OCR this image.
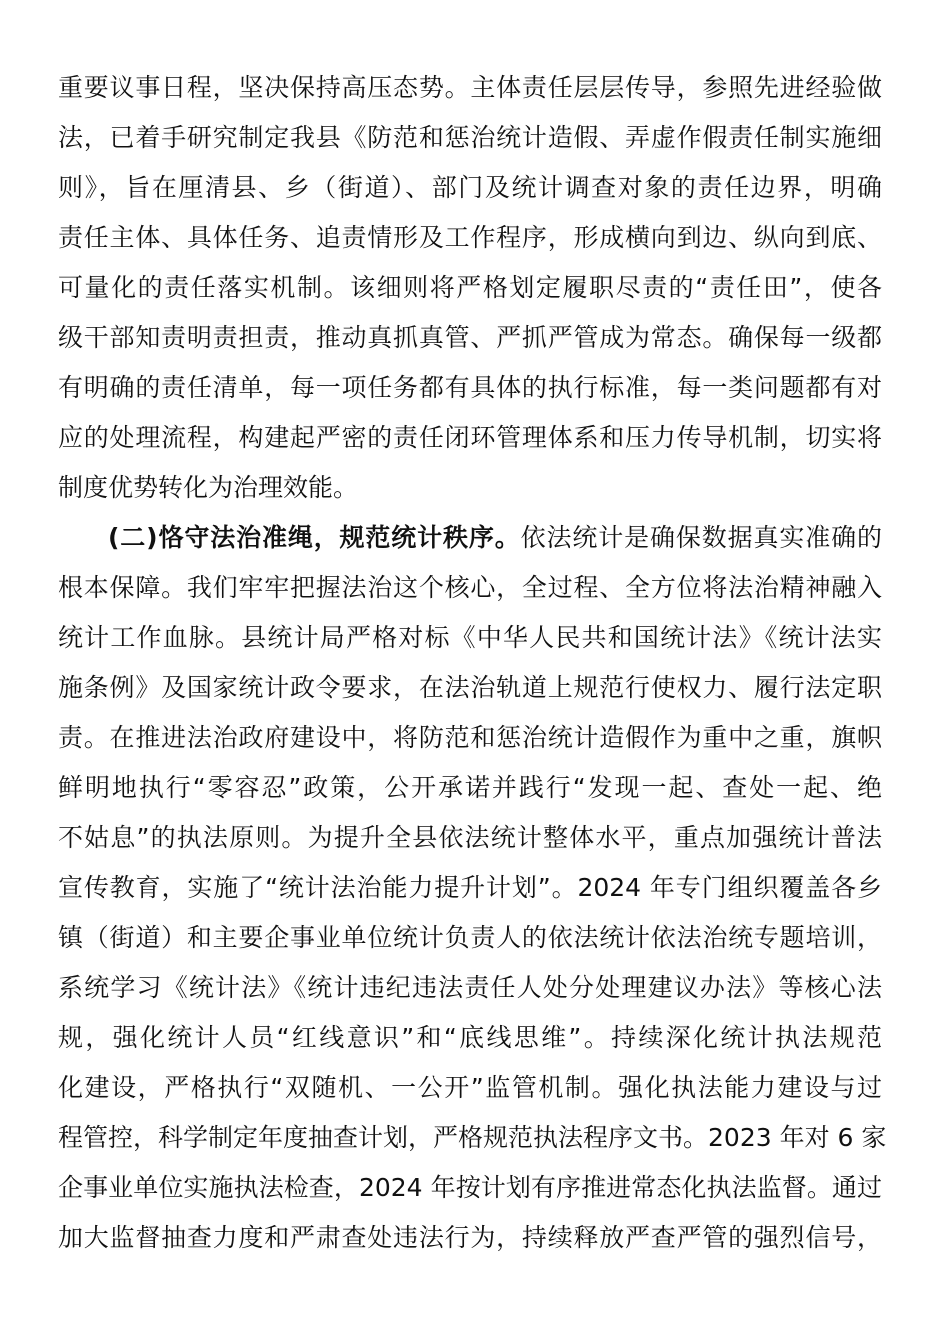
重要议事日程，坚决保持高压态势。主体责任层层传导，参照先进经验做
法，已着手研究制定我县《防范和惩治统计造假、弄虚作假责任制实施细
则》，旨在厘清县、乡（街道）、部门及统计调查对象的责任边界，明确
责任主体、具体任务、追责情形及工作程序，形成横向到边、纵向到底、
可量化的责任落实机制。该细则将严格划定履职尽责的“责任田”，使各
级干部知责明责担责，推动真抓真管、严抓严管成为常态。确保每一级都
有明确的责任清单，每一项任务都有具体的执行标准，每一类问题都有对
应的处理流程，构建起严密的责任闭环管理体系和压力传导机制，切实将
制度优势转化为治理效能。
(二)恪守法治准绳，规范统计秩序。依法统计是确保数据真实准确的
根本保障。我们牢牢把握法治这个核心，全过程、全方位将法治精神融入
统计工作血脉。县统计局严格对标《中华人民共和国统计法》《统计法实
施条例》及国家统计政令要求，在法治轨道上规范行使权力、履行法定职
责。在推进法治政府建设中，将防范和惩治统计造假作为重中之重，旗帜
鲜明地执行“零容忍”政策，公开承诺并践行“发现一起、查处一起、绝
不姑息”的执法原则。为提升全县依法统计整体水平，重点加强统计普法
宣传教育，实施了“统计法治能力提升计划”。2024 年专门组织覆盖各乡
镇（街道）和主要企事业单位统计负责人的依法统计依法治统专题培训，
系统学习《统计法》《统计违纪违法责任人处分处理建议办法》等核心法
规，强化统计人员“红线意识”和“底线思维”。持续深化统计执法规范
化建设，严格执行“双随机、一公开”监管机制。强化执法能力建设与过
程管控，科学制定年度抽查计划，严格规范执法程序文书。2023 年对 6 家
企事业单位实施执法检查，2024 年按计划有序推进常态化执法监督。通过
加大监督抽查力度和严肃查处违法行为，持续释放严查严管的强烈信号，
